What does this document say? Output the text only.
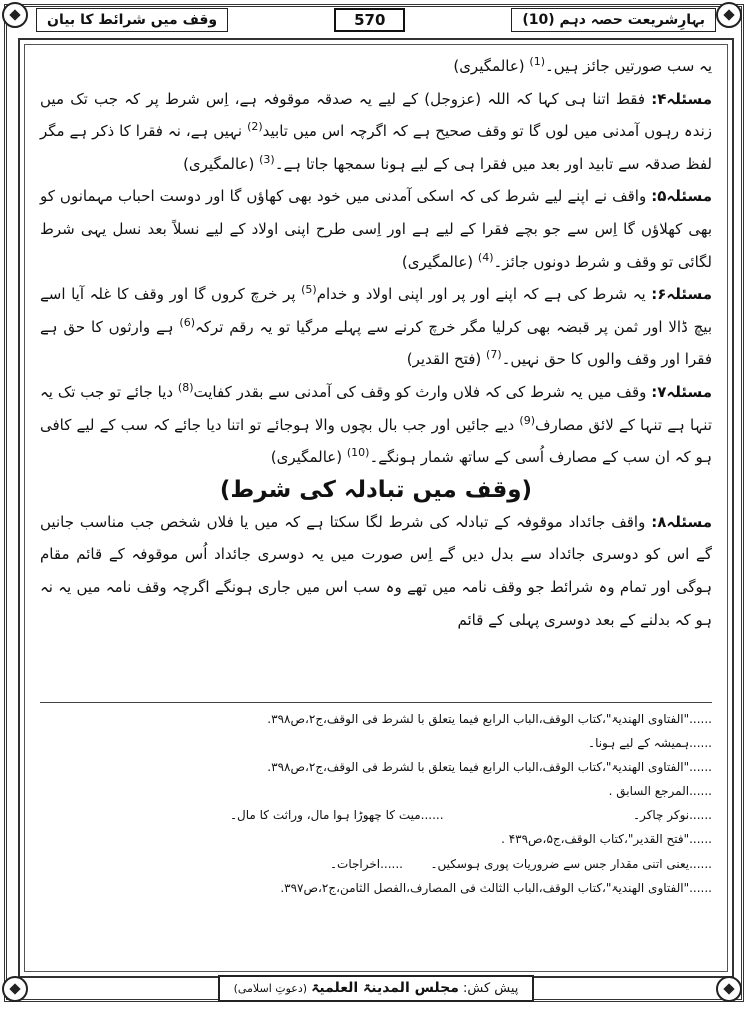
بہارِشریعت حصہ دہم (10)
570
وقف میں شرائط کا بیان

یہ سب صورتیں جائز ہیں۔$^{(1)}$ (عالمگیری)

مسئلہ۴: فقط اتنا ہی کہا کہ اللہ (عزوجل) کے لیے یہ صدقہ موقوفہ ہے، اِس شرط پر کہ جب تک میں زندہ رہوں آمدنی میں لوں گا تو وقف صحیح ہے کہ اگرچہ اس میں تابید$^{(2)}$ نہیں ہے، نہ فقرا کا ذکر ہے مگر لفظ صدقہ سے تابید اور بعد میں فقرا ہی کے لیے ہونا سمجھا جاتا ہے۔$^{(3)}$ (عالمگیری)

مسئلہ۵: واقف نے اپنے لیے شرط کی کہ اسکی آمدنی میں خود بھی کھاؤں گا اور دوست احباب مہمانوں کو بھی کھلاؤں گا اِس سے جو بچے فقرا کے لیے ہے اور اِسی طرح اپنی اولاد کے لیے نسلاً بعد نسل یہی شرط لگائی تو وقف و شرط دونوں جائز۔$^{(4)}$ (عالمگیری)

مسئلہ۶: یہ شرط کی ہے کہ اپنے اور پر اور اپنی اولاد و خدام$^{(5)}$ پر خرچ کروں گا اور وقف کا غلہ آیا اسے بیچ ڈالا اور ثمن پر قبضہ بھی کرلیا مگر خرچ کرنے سے پہلے مرگیا تو یہ رقم ترکہ$^{(6)}$ ہے وارثوں کا حق ہے فقرا اور وقف والوں کا حق نہیں۔$^{(7)}$ (فتح القدیر)

مسئلہ۷: وقف میں یہ شرط کی کہ فلاں وارث کو وقف کی آمدنی سے بقدر کفایت$^{(8)}$ دیا جائے تو جب تک یہ تنہا ہے تنہا کے لائق مصارف$^{(9)}$ دیے جائیں اور جب بال بچوں والا ہوجائے تو اتنا دیا جائے کہ سب کے لیے کافی ہو کہ ان سب کے مصارف اُسی کے ساتھ شمار ہونگے۔$^{(10)}$ (عالمگیری)

(وقف میں تبادلہ کی شرط)

مسئلہ۸: واقف جائداد موقوفہ کے تبادلہ کی شرط لگا سکتا ہے کہ میں یا فلاں شخص جب مناسب جانیں گے اس کو دوسری جائداد سے بدل دیں گے اِس صورت میں یہ دوسری جائداد اُس موقوفہ کے قائم مقام ہوگی اور تمام وہ شرائط جو وقف نامہ میں تھے وہ سب اس میں جاری ہونگے اگرچہ وقف نامہ میں یہ نہ ہو کہ بدلنے کے بعد دوسری پہلی کے قائم

......"الفتاوی الھندیۃ"،کتاب الوقف،الباب الرابع فیما یتعلق با لشرط فی الوقف،ج۲،ص۳۹۸.
......ہمیشہ کے لیے ہونا۔
......"الفتاوی الھندیۃ"،کتاب الوقف،الباب الرابع فیما یتعلق با لشرط فی الوقف،ج۲،ص۳۹۸.
......المرجع السابق .
......نوکر چاکر۔
......میت کا چھوڑا ہوا مال، وراثت کا مال۔
......"فتح القدیر"،کتاب الوقف،ج۵،ص۴۳۹ .
......یعنی اتنی مقدار جس سے ضروریات پوری ہوسکیں۔
......اخراجات۔
......"الفتاوی الھندیۃ"،کتاب الوقف،الباب الثالث فی المصارف،الفصل الثامن،ج۲،ص۳۹۷.
پیش کش: مجلس المدینۃ العلمیۃ (دعوتِ اسلامی)
